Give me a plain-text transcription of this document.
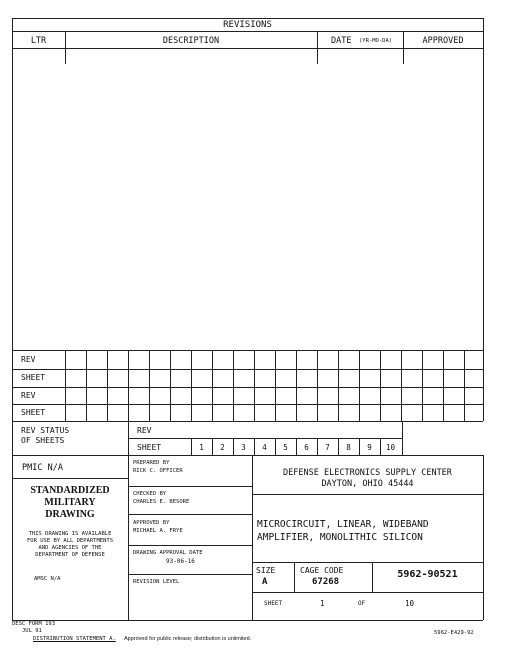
REVISIONS
LTR	DESCRIPTION	DATE (YR-MO-DA)	APPROVED
REV
SHEET
REV
SHEET
REV STATUS
OF SHEETS
REV
SHEET	1	2	3	4	5	6	7	8	9	10
PMIC N/A
STANDARDIZED
MILITARY
DRAWING
THIS DRAWING IS AVAILABLE
FOR USE BY ALL DEPARTMENTS
AND AGENCIES OF THE
DEPARTMENT OF DEFENSE
AMSC N/A
PREPARED BY
RICK C. OFFICER
CHECKED BY
CHARLES E. BESORE
APPROVED BY
MICHAEL A. FRYE
DRAWING APPROVAL DATE
93-06-16
REVISION LEVEL
DEFENSE ELECTRONICS SUPPLY CENTER
DAYTON, OHIO 45444
MICROCIRCUIT, LINEAR, WIDEBAND
AMPLIFIER, MONOLITHIC SILICON
SIZE
A
CAGE CODE
67268
5962-90521
SHEET	1	OF	10
DESC FORM 193
JUL 91
DISTRIBUTION STATEMENT A. Approved for public release; distribution is unlimited.
5962-E429-92
